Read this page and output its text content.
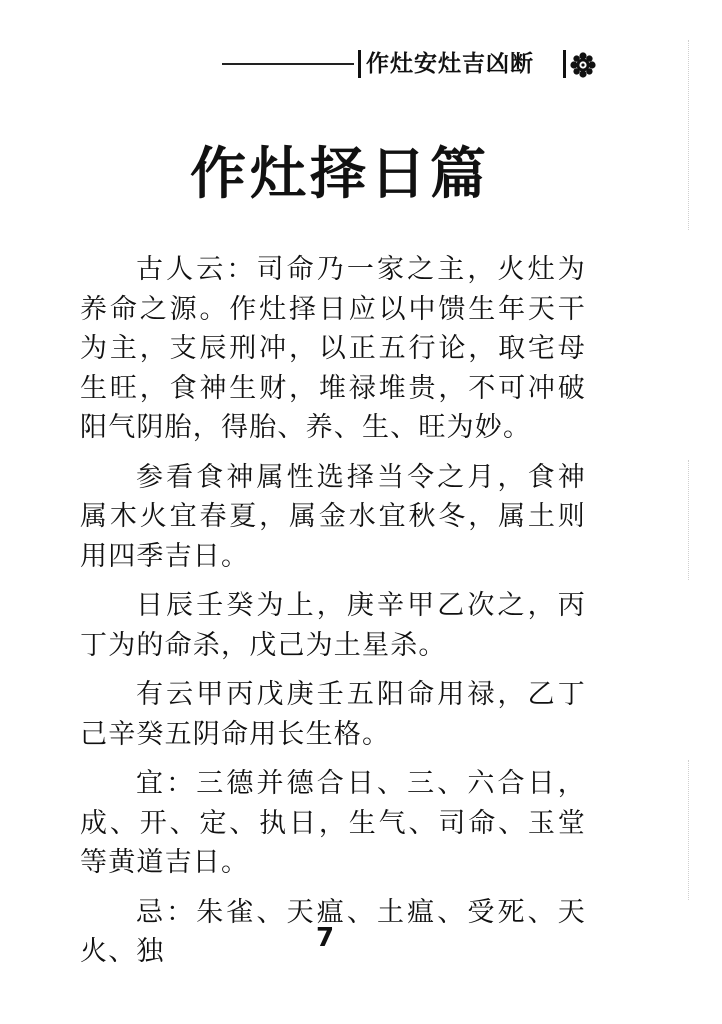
作灶安灶吉凶断
作灶择日篇

古人云：司命乃一家之主，火灶为养命之源。作灶择日应以中馈生年天干为主，支辰刑冲，以正五行论，取宅母生旺，食神生财，堆禄堆贵，不可冲破阳气阴胎，得胎、养、生、旺为妙。

参看食神属性选择当令之月，食神属木火宜春夏，属金水宜秋冬，属土则用四季吉日。

日辰壬癸为上，庚辛甲乙次之，丙丁为的命杀，戊己为土星杀。

有云甲丙戊庚壬五阳命用禄，乙丁己辛癸五阴命用长生格。

宜：三德并德合日、三、六合日，成、开、定、执日，生气、司命、玉堂等黄道吉日。

忌：朱雀、天瘟、土瘟、受死、天火、独	7
